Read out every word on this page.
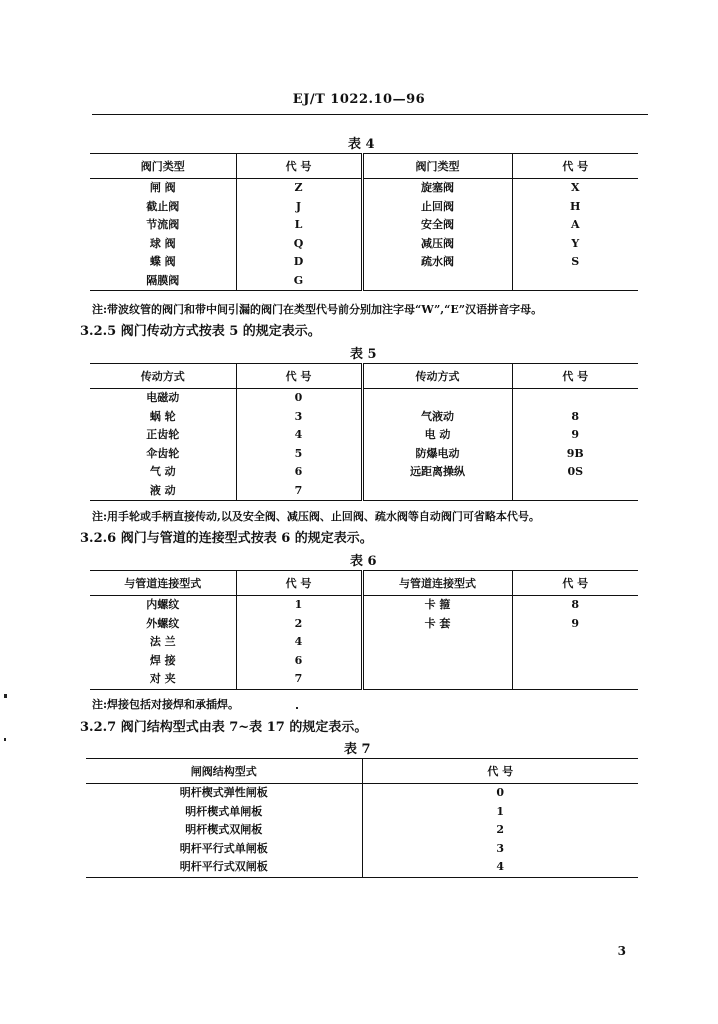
EJ/T 1022.10—96
表 4
阀门类型	代 号	阀门类型	代 号
闸 阀	Z	旋塞阀	X
截止阀	J	止回阀	H
节流阀	L	安全阀	A
球 阀	Q	减压阀	Y
蝶 阀	D	疏水阀	S
隔膜阀	G		
注:带波纹管的阀门和带中间引漏的阀门在类型代号前分别加注字母“W”,“E”汉语拼音字母。
3.2.5 阀门传动方式按表 5 的规定表示。
表 5
传动方式	代 号	传动方式	代 号
电磁动	0		
蜗 轮	3	气液动	8
正齿轮	4	电 动	9
伞齿轮	5	防爆电动	9B
气 动	6	远距离操纵	0S
液 动	7		
注:用手轮或手柄直接传动,以及安全阀、减压阀、止回阀、疏水阀等自动阀门可省略本代号。
3.2.6 阀门与管道的连接型式按表 6 的规定表示。
表 6
与管道连接型式	代 号	与管道连接型式	代 号
内螺纹	1	卡 箍	8
外螺纹	2	卡 套	9
法 兰	4		
焊 接	6		
对 夹	7		
注:焊接包括对接焊和承插焊。
3.2.7 阀门结构型式由表 7~表 17 的规定表示。
表 7
闸阀结构型式	代 号
明杆楔式弹性闸板	0
明杆楔式单闸板	1
明杆楔式双闸板	2
明杆平行式单闸板	3
明杆平行式双闸板	4
3
